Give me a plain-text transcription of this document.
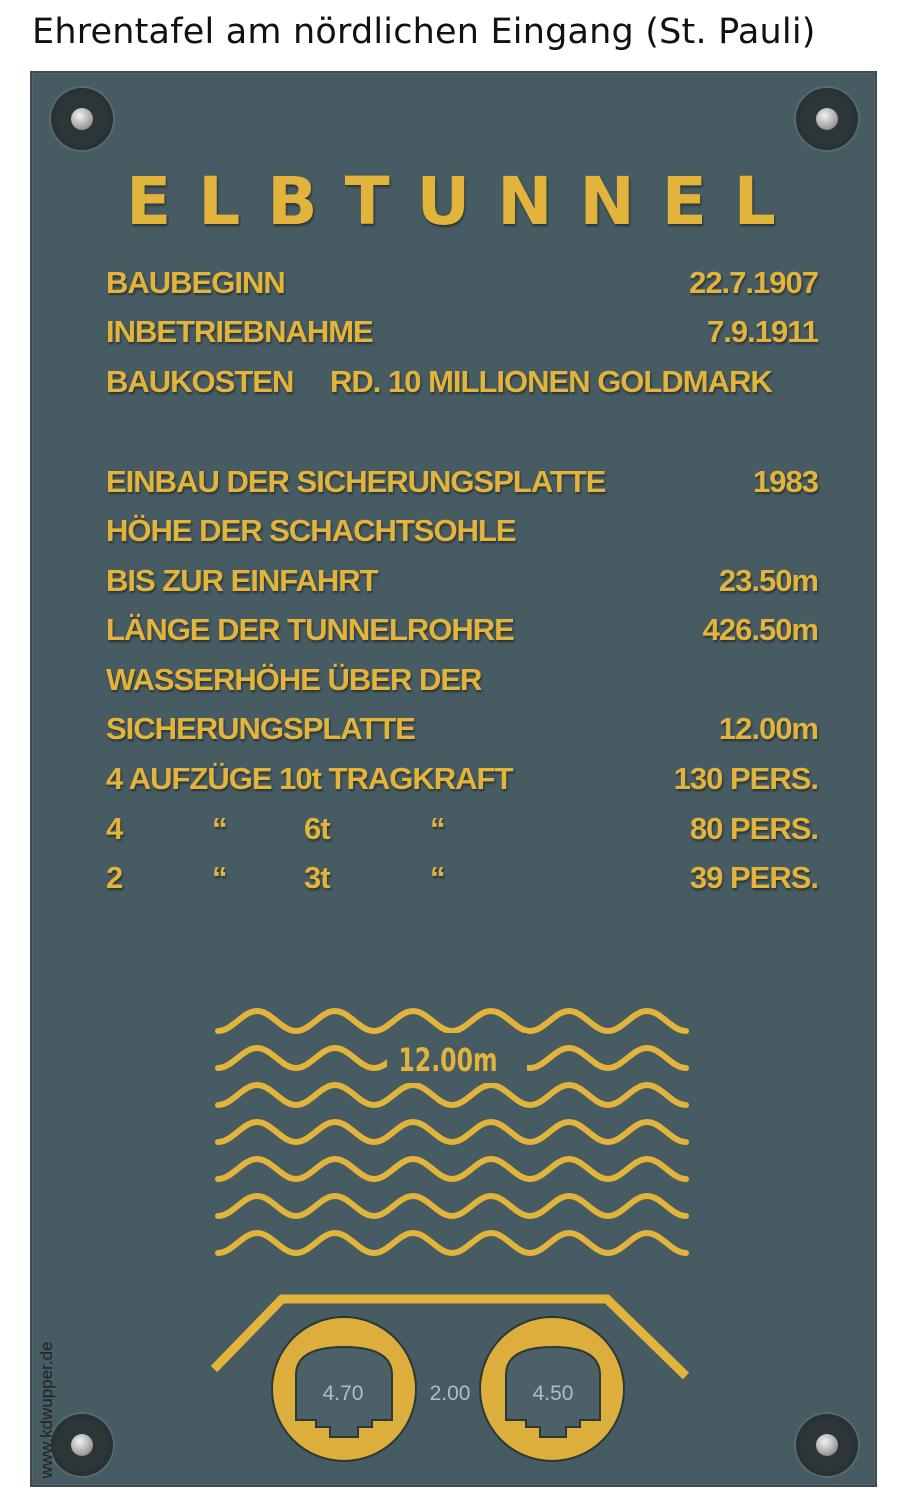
Ehrentafel am nördlichen Eingang (St. Pauli)
ELBTUNNEL
BAUBEGINN	22.7.1907
INBETRIEBNAHME	7.9.1911
BAUKOSTEN RD. 10 MILLIONEN GOLDMARK
EINBAU DER SICHERUNGSPLATTE	1983
HÖHE DER SCHACHTSOHLE
BIS ZUR EINFAHRT	23.50m
LÄNGE DER TUNNELROHRE	426.50m
WASSERHÖHE ÜBER DER
SICHERUNGSPLATTE	12.00m
4 AUFZÜGE 10t TRAGKRAFT	130 PERS.
4	“	6t	“	80 PERS.
2	“	3t	“	39 PERS.
12.00m
4.70	2.00	4.50
www.kdwupper.de
